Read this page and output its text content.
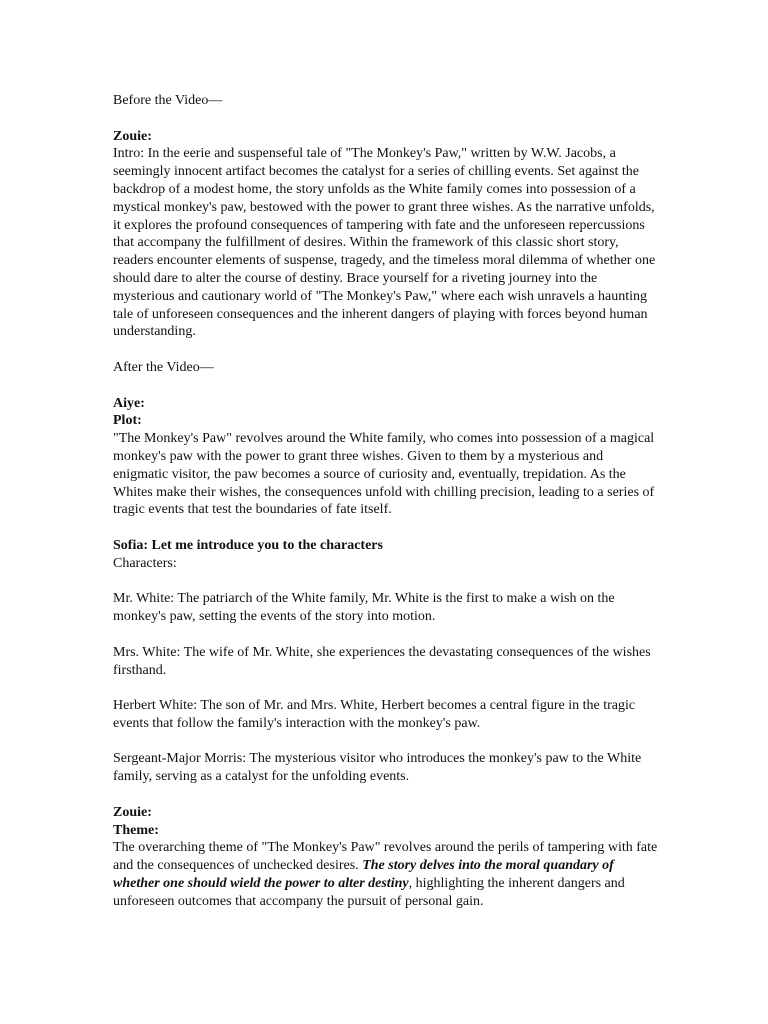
Before the Video—

Zouie:

Intro: In the eerie and suspenseful tale of "The Monkey's Paw," written by W.W. Jacobs, a seemingly innocent artifact becomes the catalyst for a series of chilling events. Set against the backdrop of a modest home, the story unfolds as the White family comes into possession of a mystical monkey's paw, bestowed with the power to grant three wishes. As the narrative unfolds, it explores the profound consequences of tampering with fate and the unforeseen repercussions that accompany the fulfillment of desires. Within the framework of this classic short story, readers encounter elements of suspense, tragedy, and the timeless moral dilemma of whether one should dare to alter the course of destiny. Brace yourself for a riveting journey into the mysterious and cautionary world of "The Monkey's Paw," where each wish unravels a haunting tale of unforeseen consequences and the inherent dangers of playing with forces beyond human understanding.

After the Video—

Aiye:

Plot:

"The Monkey's Paw" revolves around the White family, who comes into possession of a magical monkey's paw with the power to grant three wishes. Given to them by a mysterious and enigmatic visitor, the paw becomes a source of curiosity and, eventually, trepidation. As the Whites make their wishes, the consequences unfold with chilling precision, leading to a series of tragic events that test the boundaries of fate itself.

Sofia: Let me introduce you to the characters

Characters:

Mr. White: The patriarch of the White family, Mr. White is the first to make a wish on the monkey's paw, setting the events of the story into motion.

Mrs. White: The wife of Mr. White, she experiences the devastating consequences of the wishes firsthand.

Herbert White: The son of Mr. and Mrs. White, Herbert becomes a central figure in the tragic events that follow the family's interaction with the monkey's paw.

Sergeant-Major Morris: The mysterious visitor who introduces the monkey's paw to the White family, serving as a catalyst for the unfolding events.

Zouie:

Theme:

The overarching theme of "The Monkey's Paw" revolves around the perils of tampering with fate and the consequences of unchecked desires. The story delves into the moral quandary of whether one should wield the power to alter destiny, highlighting the inherent dangers and unforeseen outcomes that accompany the pursuit of personal gain.
